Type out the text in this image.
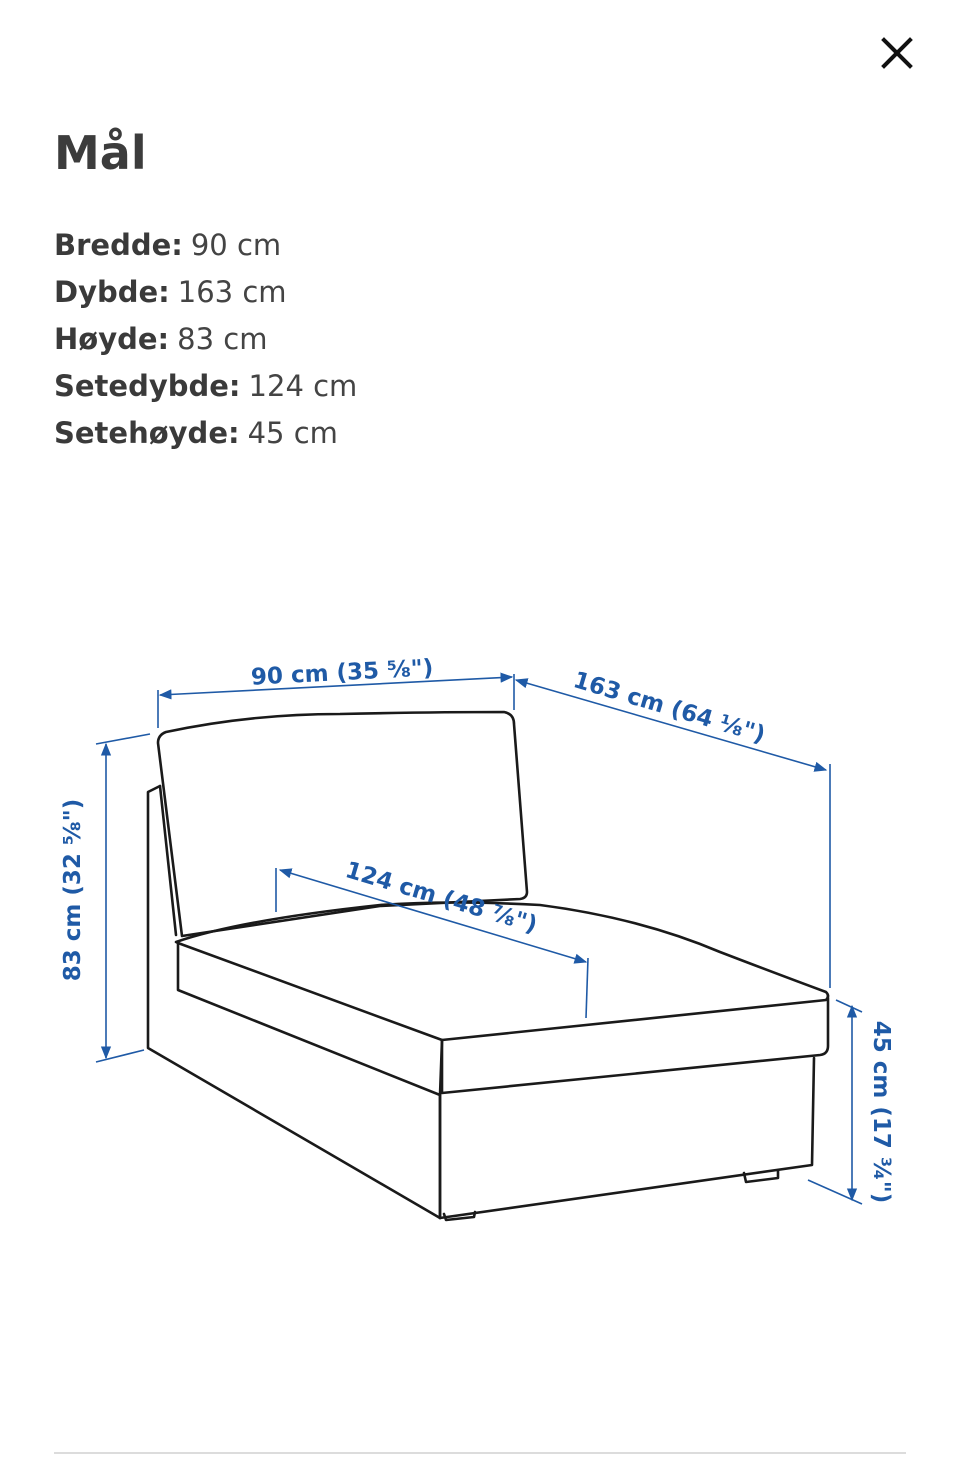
Mål
Bredde: 90 cm
Dybde: 163 cm
Høyde: 83 cm
Setedybde: 124 cm
Setehøyde: 45 cm
90 cm (35 ⅝")	163 cm (64 ⅛")
83 cm (32 ⅝")	124 cm (48 ⅞")
45 cm (17 ¾")
